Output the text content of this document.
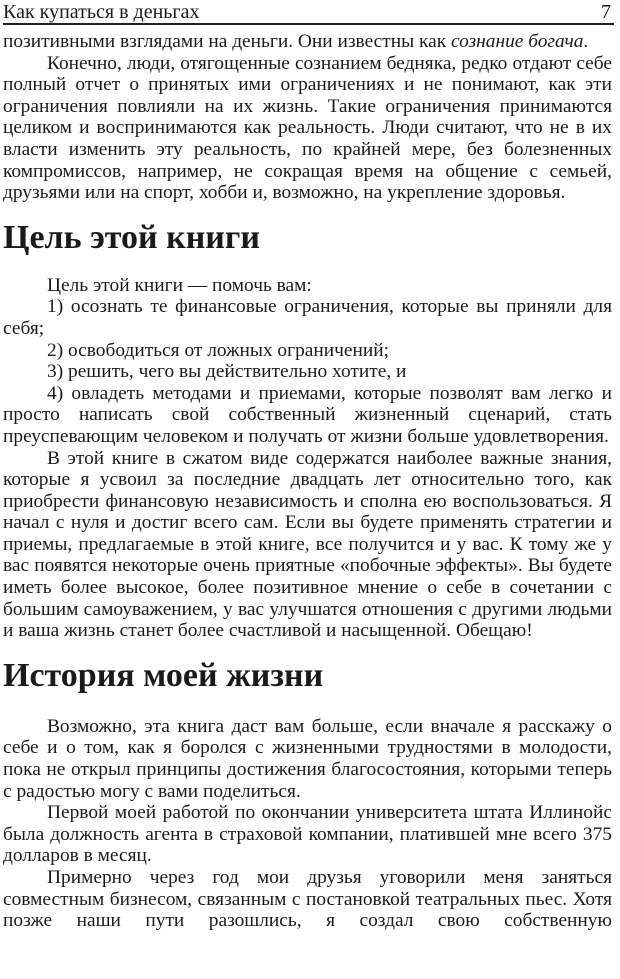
Как купаться в деньгах	7

позитивными взглядами на деньги. Они известны как сознание богача.

Конечно, люди, отягощенные сознанием бедняка, редко отдают себе полный отчет о принятых ими ограничениях и не понимают, как эти ограничения повлияли на их жизнь. Такие ограничения принимаются целиком и воспринимаются как реальность. Люди считают, что не в их власти изменить эту реальность, по крайней мере, без болезненных компромиссов, например, не сокращая время на общение с семьей, друзьями или на спорт, хобби и, возможно, на укрепление здоровья.

Цель этой книги

Цель этой книги — помочь вам:

1) осознать те финансовые ограничения, которые вы приняли для себя;

2) освободиться от ложных ограничений;

3) решить, чего вы действительно хотите, и

4) овладеть методами и приемами, которые позволят вам легко и просто написать свой собственный жизненный сценарий, стать преуспевающим человеком и получать от жизни больше удовлетворения.

В этой книге в сжатом виде содержатся наиболее важные знания, которые я усвоил за последние двадцать лет относительно того, как приобрести финансовую независимость и сполна ею воспользоваться. Я начал с нуля и достиг всего сам. Если вы будете применять стратегии и приемы, предлагаемые в этой книге, все получится и у вас. К тому же у вас появятся некоторые очень приятные «побочные эффекты». Вы будете иметь более высокое, более позитивное мнение о себе в сочетании с большим самоуважением, у вас улучшатся отношения с другими людьми и ваша жизнь станет более счастливой и насыщенной. Обещаю!

История моей жизни

Возможно, эта книга даст вам больше, если вначале я расскажу о себе и о том, как я боролся с жизненными трудностями в молодости, пока не открыл принципы достижения благосостояния, которыми теперь с радостью могу с вами поделиться.

Первой моей работой по окончании университета штата Иллинойс была должность агента в страховой компании, платившей мне всего 375 долларов в месяц.

Примерно через год мои друзья уговорили меня заняться совместным бизнесом, связанным с постановкой театральных пьес. Хотя позже наши пути разошлись, я создал свою собственную
